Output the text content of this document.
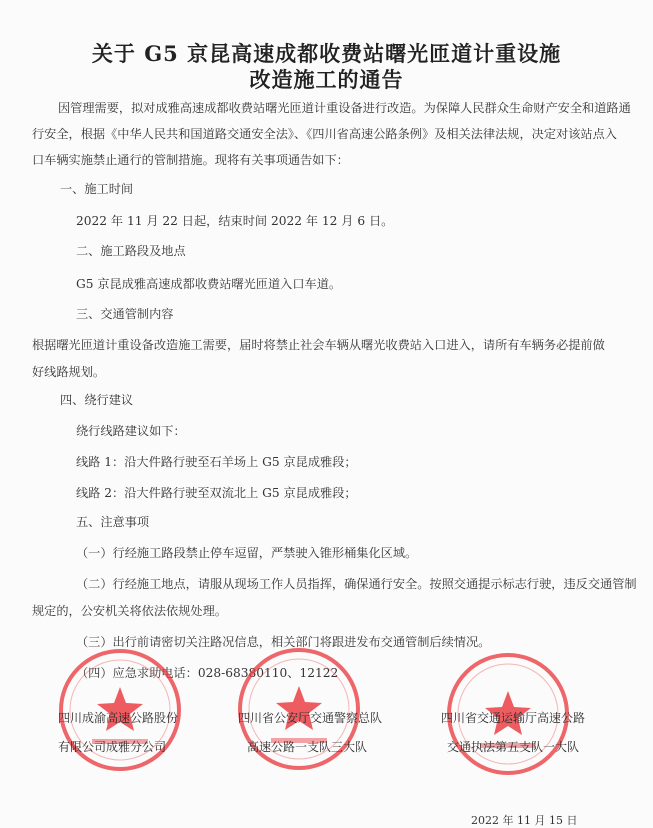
关于 G5 京昆高速成都收费站曙光匝道计重设施
改造施工的通告
因管理需要，拟对成雅高速成都收费站曙光匝道计重设备进行改造。为保障人民群众生命财产安全和道路通
行安全，根据《中华人民共和国道路交通安全法》、《四川省高速公路条例》及相关法律法规，决定对该站点入
口车辆实施禁止通行的管制措施。现将有关事项通告如下：
一、施工时间
2022 年 11 月 22 日起，结束时间 2022 年 12 月 6 日。
二、施工路段及地点
G5 京昆成雅高速成都收费站曙光匝道入口车道。
三、交通管制内容
根据曙光匝道计重设备改造施工需要，届时将禁止社会车辆从曙光收费站入口进入，请所有车辆务必提前做
好线路规划。
四、绕行建议
绕行线路建议如下：
线路 1：沿大件路行驶至石羊场上 G5 京昆成雅段；
线路 2：沿大件路行驶至双流北上 G5 京昆成雅段；
五、注意事项
（一）行经施工路段禁止停车逗留，严禁驶入锥形桶集化区域。
（二）行经施工地点，请服从现场工作人员指挥，确保通行安全。按照交通提示标志行驶，违反交通管制
规定的，公安机关将依法依规处理。
（三）出行前请密切关注路况信息，相关部门将跟进发布交通管制后续情况。
（四）应急求助电话：028-68380110、12122
四川成渝高速公路股份
有限公司成雅分公司
四川省公安厅交通警察总队
高速公路一支队三大队
四川省交通运输厅高速公路
交通执法第五支队一大队
2022 年 11 月 15 日
